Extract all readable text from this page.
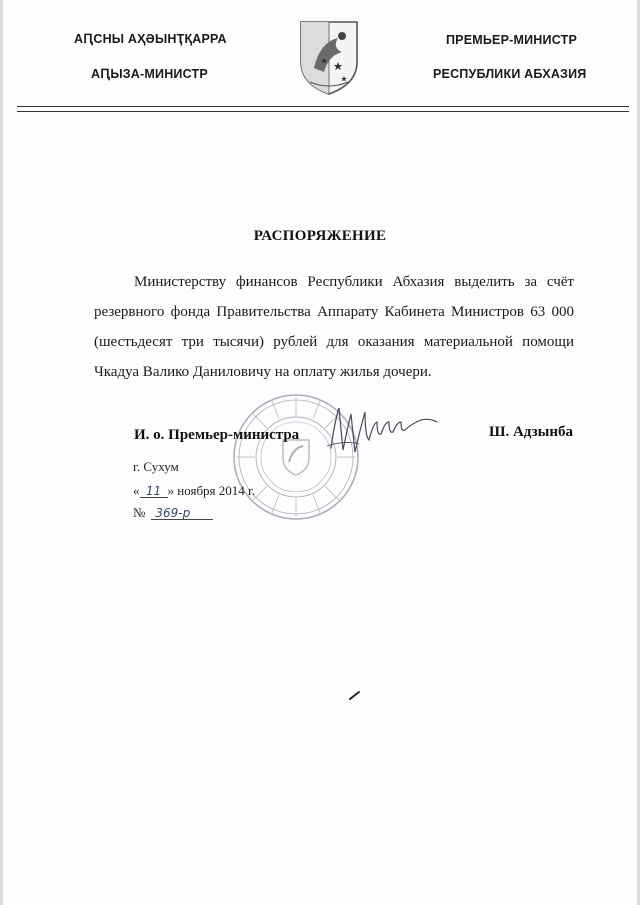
АԤСНЫ АҲӘЫНҬҚАРРА
АԤЫЗА-МИНИСТР
ПРЕМЬЕР-МИНИСТР
РЕСПУБЛИКИ АБХАЗИЯ
РАСПОРЯЖЕНИЕ
Министерству финансов Республики Абхазия выделить за счёт резервного фонда Правительства Аппарату Кабинета Министров 63 000 (шестьдесят три тысячи) рублей для оказания материальной помощи Чкадуа Валико Даниловичу на оплату жилья дочери.
И. о. Премьер-министра	Ш. Адзынба
г. Сухум
« 11 » ноября 2014 г.
№ 369-р
